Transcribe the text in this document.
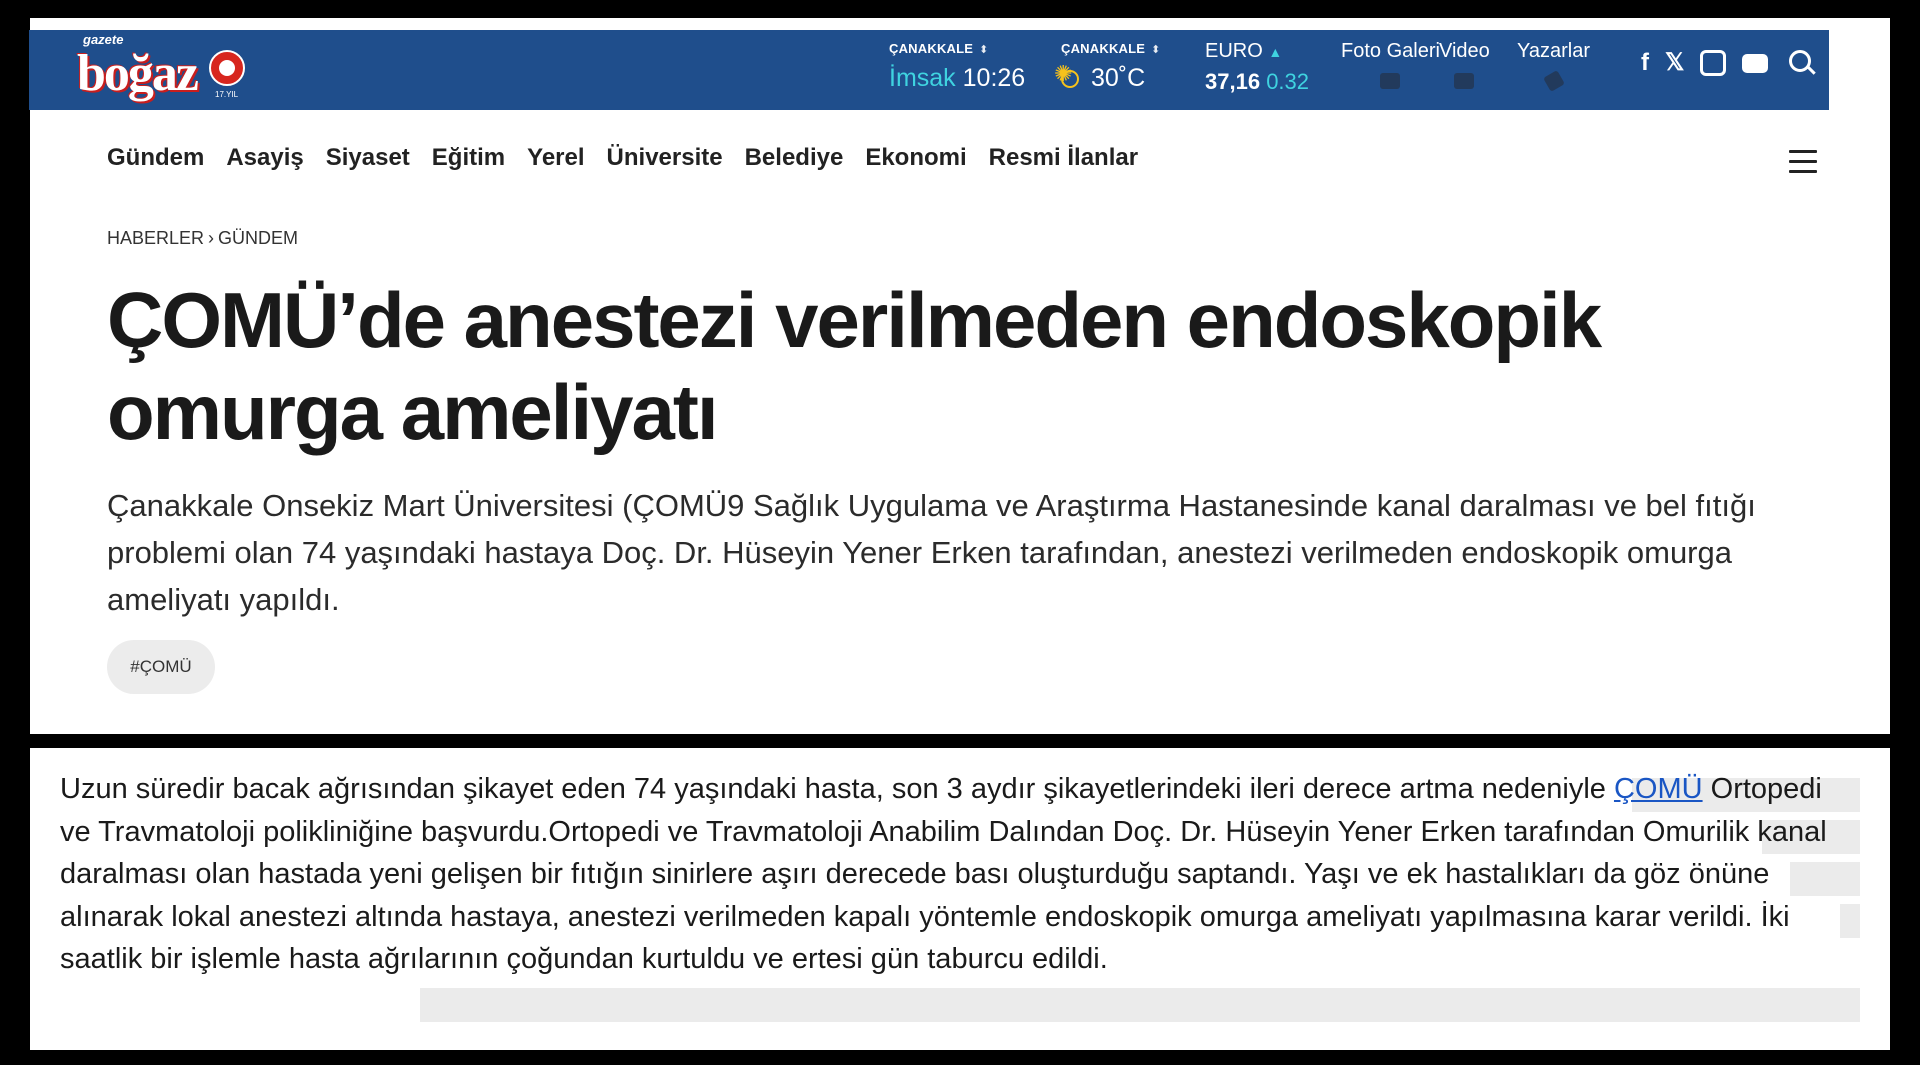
gazete
boğaz 17.YIL
ÇANAKKALE ⬍
İmsak 10:26
ÇANAKKALE ⬍
✺30˚C
EURO ▲
37,16 0.32
Foto Galeri Video Yazarlar f 𝕏
Gündem Asayiş Siyaset Eğitim Yerel Üniversite Belediye Ekonomi Resmi İlanlar
HABERLER › GÜNDEM
ÇOMÜ’de anestezi verilmeden endoskopik omurga ameliyatı

Çanakkale Onsekiz Mart Üniversitesi (ÇOMÜ9 Sağlık Uygulama ve Araştırma Hastanesinde kanal daralması ve bel fıtığı problemi olan 74 yaşındaki hastaya Doç. Dr. Hüseyin Yener Erken tarafından, anestezi verilmeden endoskopik omurga ameliyatı yapıldı.

#ÇOMÜ

Uzun süredir bacak ağrısından şikayet eden 74 yaşındaki hasta, son 3 aydır şikayetlerindeki ileri derece artma nedeniyle ÇOMÜ Ortopedi ve Travmatoloji polikliniğine başvurdu.Ortopedi ve Travmatoloji Anabilim Dalından Doç. Dr. Hüseyin Yener Erken tarafından Omurilik kanal daralması olan hastada yeni gelişen bir fıtığın sinirlere aşırı derecede bası oluşturduğu saptandı. Yaşı ve ek hastalıkları da göz önüne alınarak lokal anestezi altında hastaya, anestezi verilmeden kapalı yöntemle endoskopik omurga ameliyatı yapılmasına karar verildi. İki saatlik bir işlemle hasta ağrılarının çoğundan kurtuldu ve ertesi gün taburcu edildi.
